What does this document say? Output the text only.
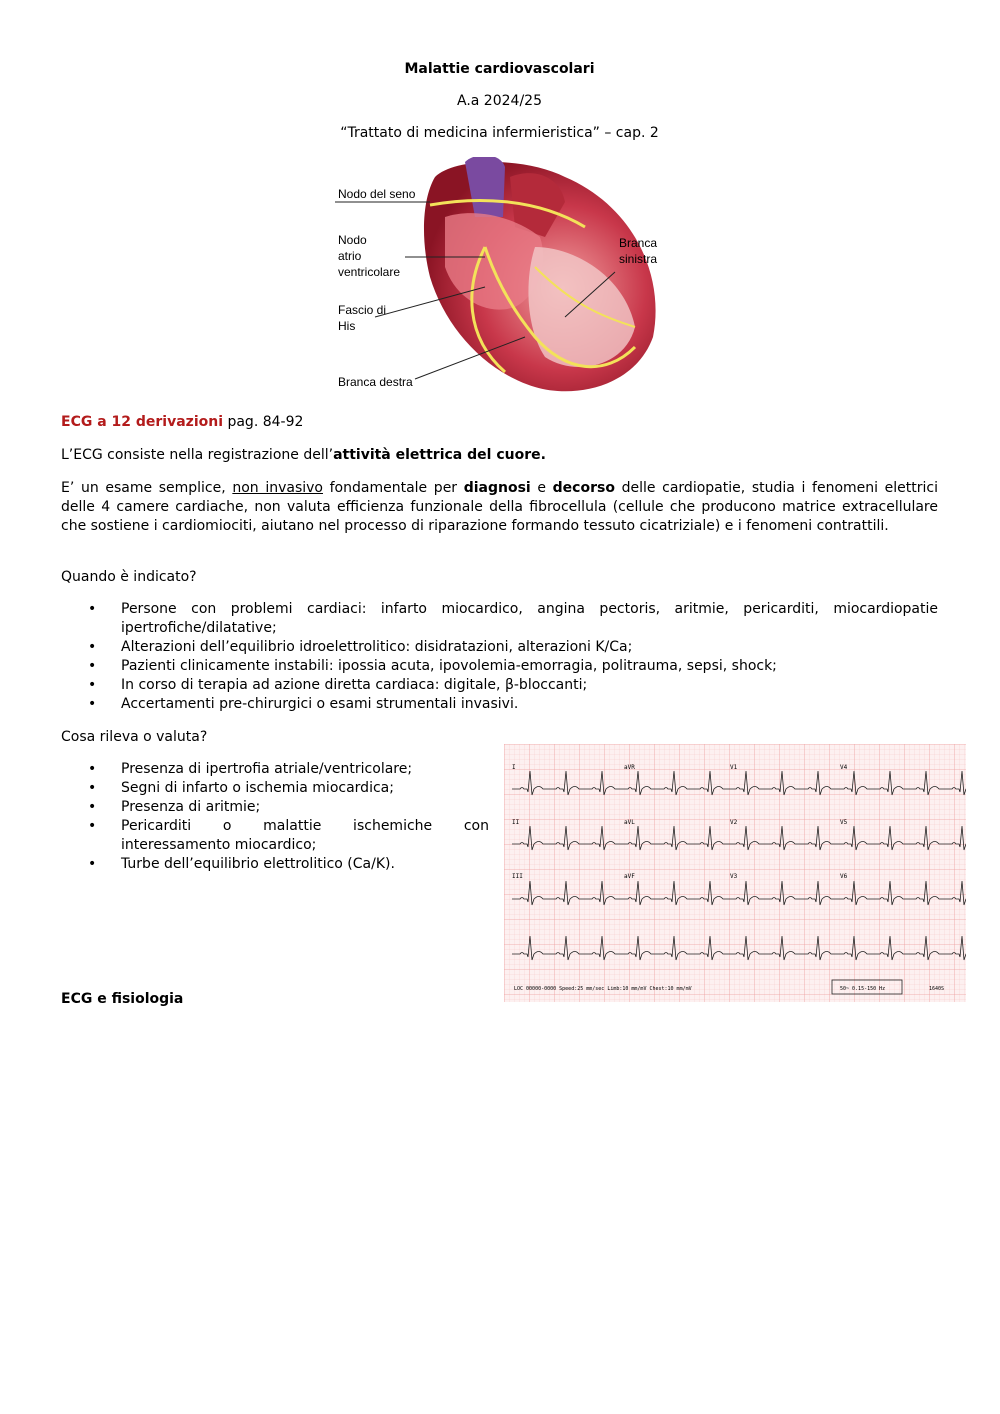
Malattie cardiovascolari
A.a 2024/25
“Trattato di medicina infermieristica” – cap. 2
Nodo del seno
Nodo
atrio
ventricolare
Fascio di
His
Branca destra
Branca
sinistra
ECG a 12 derivazioni pag. 84-92

L’ECG consiste nella registrazione dell’attività elettrica del cuore.

E’ un esame semplice, non invasivo fondamentale per diagnosi e decorso delle cardiopatie, studia i fenomeni elettrici delle 4 camere cardiache, non valuta efficienza funzionale della fibrocellula (cellule che producono matrice extracellulare che sostiene i cardiomiociti, aiutano nel processo di riparazione formando tessuto cicatriziale) e i fenomeni contrattili.

Quando è indicato?

• Persone con problemi cardiaci: infarto miocardico, angina pectoris, aritmie, pericarditi, miocardiopatie ipertrofiche/dilatative;
• Alterazioni dell’equilibrio idroelettrolitico: disidratazioni, alterazioni K/Ca;
• Pazienti clinicamente instabili: ipossia acuta, ipovolemia-emorragia, politrauma, sepsi, shock;
• In corso di terapia ad azione diretta cardiaca: digitale, β-bloccanti;
• Accertamenti pre-chirurgici o esami strumentali invasivi.

Cosa rileva o valuta?

• Presenza di ipertrofia atriale/ventricolare;
• Segni di infarto o ischemia miocardica;
• Presenza di aritmie;
• Pericarditi o malattie ischemiche con interessamento miocardico;
• Turbe dell’equilibrio elettrolitico (Ca/K).
I	aVR	V1	V4
II	aVL	V2	V5
III	aVF	V3	V6
LOC 00000-0000 Speed:25 mm/sec Limb:10 mm/mV Chest:10 mm/mV	50~ 0.15-150 Hz	1640S
ECG e fisiologia
